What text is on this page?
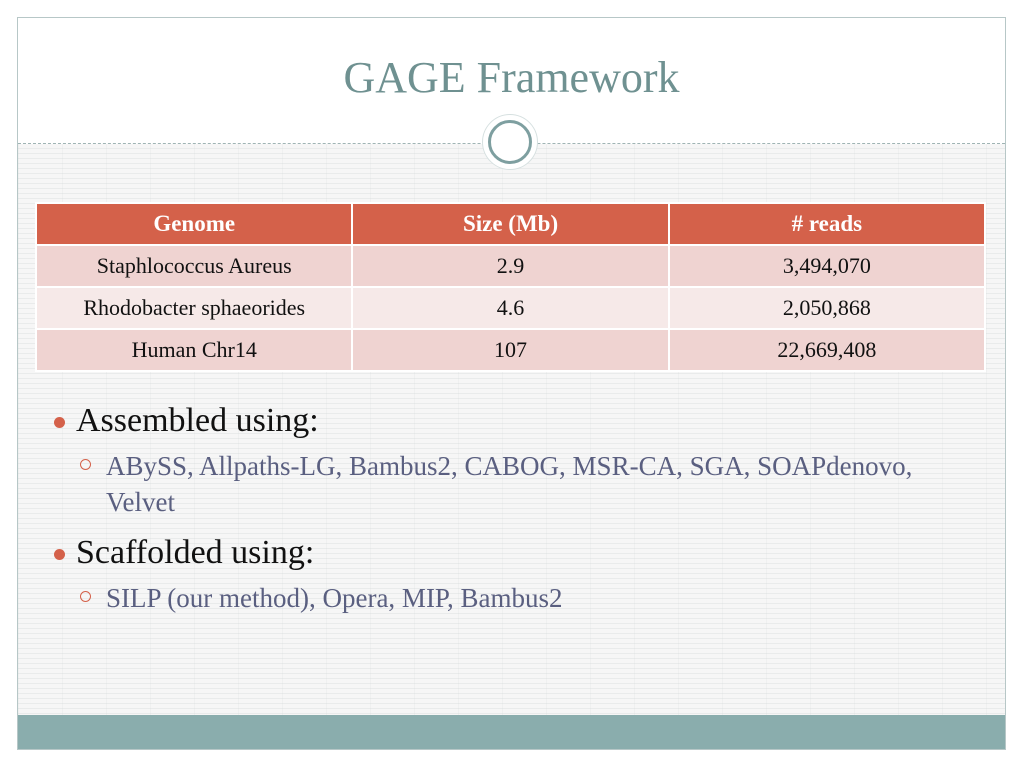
GAGE Framework
Genome	Size (Mb)	# reads
Staphlococcus Aureus	2.9	3,494,070
Rhodobacter sphaeorides	4.6	2,050,868
Human Chr14	107	22,669,408
Assembled using:
ABySS, Allpaths-LG, Bambus2, CABOG, MSR-CA, SGA, SOAPdenovo, Velvet
Scaffolded using:
SILP (our method), Opera, MIP, Bambus2
